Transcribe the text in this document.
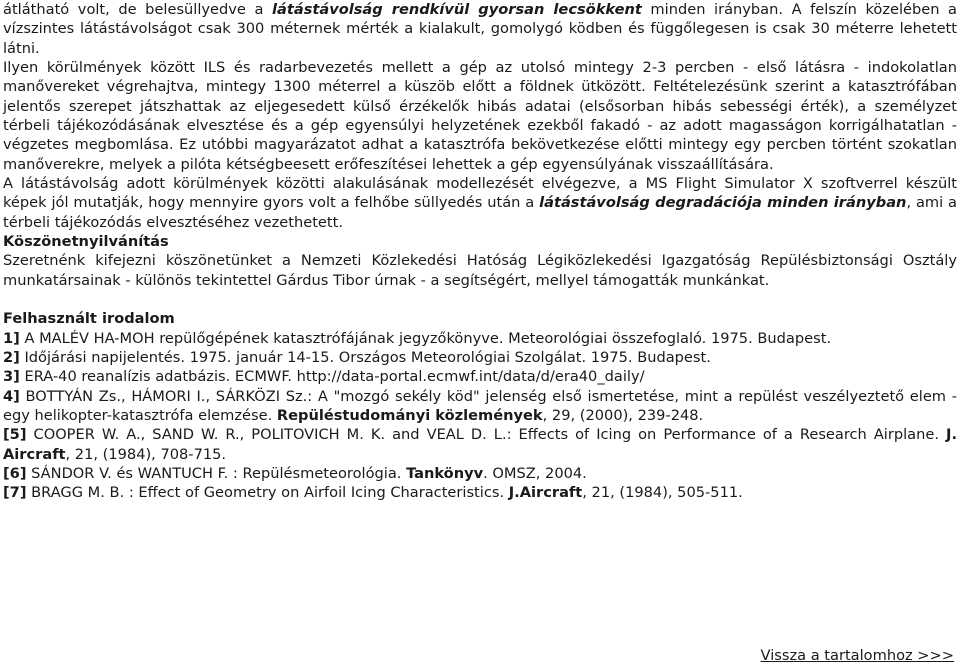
átlátható volt, de belesüllyedve a látástávolság rendkívül gyorsan lecsökkent minden irányban. A felszín közelében a vízszintes látástávolságot csak 300 méternek mérték a kialakult, gomolygó ködben és függőlegesen is csak 30 méterre lehetett látni.

Ilyen körülmények között ILS és radarbevezetés mellett a gép az utolsó mintegy 2-3 percben - első látásra - indokolatlan manővereket végrehajtva, mintegy 1300 méterrel a küszöb előtt a földnek ütközött. Feltételezésünk szerint a katasztrófában jelentős szerepet játszhattak az eljegesedett külső érzékelők hibás adatai (elsősorban hibás sebességi érték), a személyzet térbeli tájékozódásának elvesztése és a gép egyensúlyi helyzetének ezekből fakadó - az adott magasságon korrigálhatatlan - végzetes megbomlása. Ez utóbbi magyarázatot adhat a katasztrófa bekövetkezése előtti mintegy egy percben történt szokatlan manőverekre, melyek a pilóta kétségbeesett erőfeszítései lehettek a gép egyensúlyának visszaállítására.

A látástávolság adott körülmények közötti alakulásának modellezését elvégezve, a MS Flight Simulator X szoftverrel készült képek jól mutatják, hogy mennyire gyors volt a felhőbe süllyedés után a látástávolság degradációja minden irányban, ami a térbeli tájékozódás elvesztéséhez vezethetett.

Köszönetnyilvánítás

Szeretnénk kifejezni köszönetünket a Nemzeti Közlekedési Hatóság Légiközlekedési Igazgatóság Repülésbiztonsági Osztály munkatársainak - különös tekintettel Gárdus Tibor úrnak - a segítségért, mellyel támogatták munkánkat.

Felhasznált irodalom

1] A MALÉV HA-MOH repülőgépének katasztrófájának jegyzőkönyve. Meteorológiai összefoglaló. 1975. Budapest.

2] Időjárási napijelentés. 1975. január 14-15. Országos Meteorológiai Szolgálat. 1975. Budapest.

3] ERA-40 reanalízis adatbázis. ECMWF. http://data-portal.ecmwf.int/data/d/era40_daily/

4] BOTTYÁN Zs., HÁMORI I., SÁRKÖZI Sz.: A "mozgó sekély köd" jelenség első ismertetése, mint a repülést veszélyeztető elem - egy helikopter-katasztrófa elemzése. Repüléstudományi közlemények, 29, (2000), 239-248.

[5] COOPER W. A., SAND W. R., POLITOVICH M. K. and VEAL D. L.: Effects of Icing on Performance of a Research Airplane. J. Aircraft, 21, (1984), 708-715.

[6] SÁNDOR V. és WANTUCH F. : Repülésmeteorológia. Tankönyv. OMSZ, 2004.

[7] BRAGG M. B. : Effect of Geometry on Airfoil Icing Characteristics. J.Aircraft, 21, (1984), 505-511.

Vissza a tartalomhoz >>>
